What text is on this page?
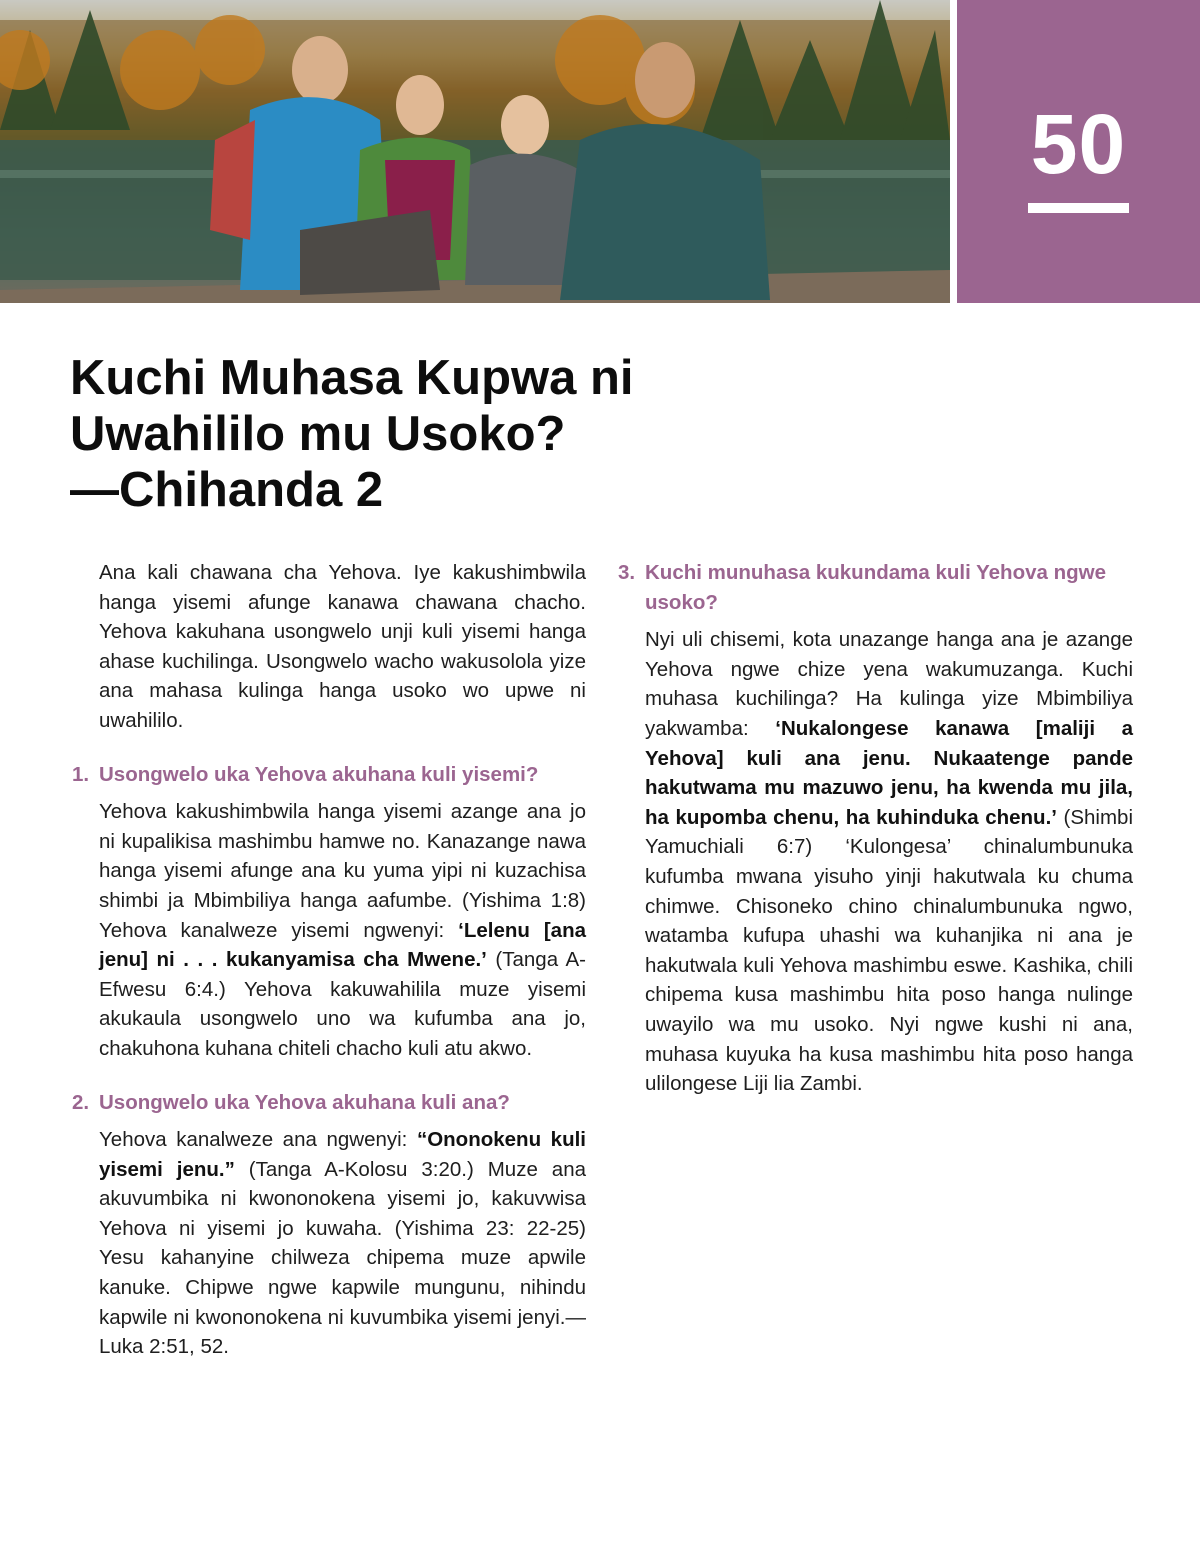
50
Kuchi Muhasa Kupwa ni
Uwahililo mu Usoko?
—Chihanda 2

Ana kali chawana cha Yehova. Iye kakushimbwila hanga yisemi afunge kanawa chawana chacho. Yehova kakuhana usongwelo unji kuli yisemi hanga ahase kuchilinga. Usongwelo wacho wakusolola yize ana mahasa kulinga hanga usoko wo upwe ni uwahililo.

1. Usongwelo uka Yehova akuhana kuli yisemi?

Yehova kakushimbwila hanga yisemi azange ana jo ni kupalikisa mashimbu hamwe no. Kanazange nawa hanga yisemi afunge ana ku yuma yipi ni kuzachisa shimbi ja Mbimbiliya hanga aafumbe. (Yishima 1:8) Yehova kanalweze yisemi ngwenyi: ‘Lelenu [ana jenu] ni . . . kukanyamisa cha Mwene.’ (Tanga A-Efwesu 6:4.) Yehova kakuwahilila muze yisemi akukaula usongwelo uno wa kufumba ana jo, chakuhona kuhana chiteli chacho kuli atu akwo.

2. Usongwelo uka Yehova akuhana kuli ana?

Yehova kanalweze ana ngwenyi: “Ononokenu kuli yisemi jenu.” (Tanga A-Kolosu 3:20.) Muze ana akuvumbika ni kwononokena yisemi jo, kakuvwisa Yehova ni yisemi jo kuwaha. (Yishima 23: 22-25) Yesu kahanyine chilweza chipema muze apwile kanuke. Chipwe ngwe kapwile mungunu, nihindu kapwile ni kwononokena ni kuvumbika yisemi jenyi.—Luka 2:51, 52.

3. Kuchi munuhasa kukundama kuli Yehova ngwe usoko?

Nyi uli chisemi, kota unazange hanga ana je azange Yehova ngwe chize yena wakumuzanga. Kuchi muhasa kuchilinga? Ha kulinga yize Mbimbiliya yakwamba: ‘Nukalongese kanawa [maliji a Yehova] kuli ana jenu. Nukaatenge pande hakutwama mu mazuwo jenu, ha kwenda mu jila, ha kupomba chenu, ha kuhinduka chenu.’ (Shimbi Yamuchiali 6:7) ‘Kulongesa’ chinalumbunuka kufumba mwana yisuho yinji hakutwala ku chuma chimwe. Chisoneko chino chinalumbunuka ngwo, watamba kufupa uhashi wa kuhanjika ni ana je hakutwala kuli Yehova mashimbu eswe. Kashika, chili chipema kusa mashimbu hita poso hanga nulinge uwayilo wa mu usoko. Nyi ngwe kushi ni ana, muhasa kuyuka ha kusa mashimbu hita poso hanga ulilongese Liji lia Zambi.
